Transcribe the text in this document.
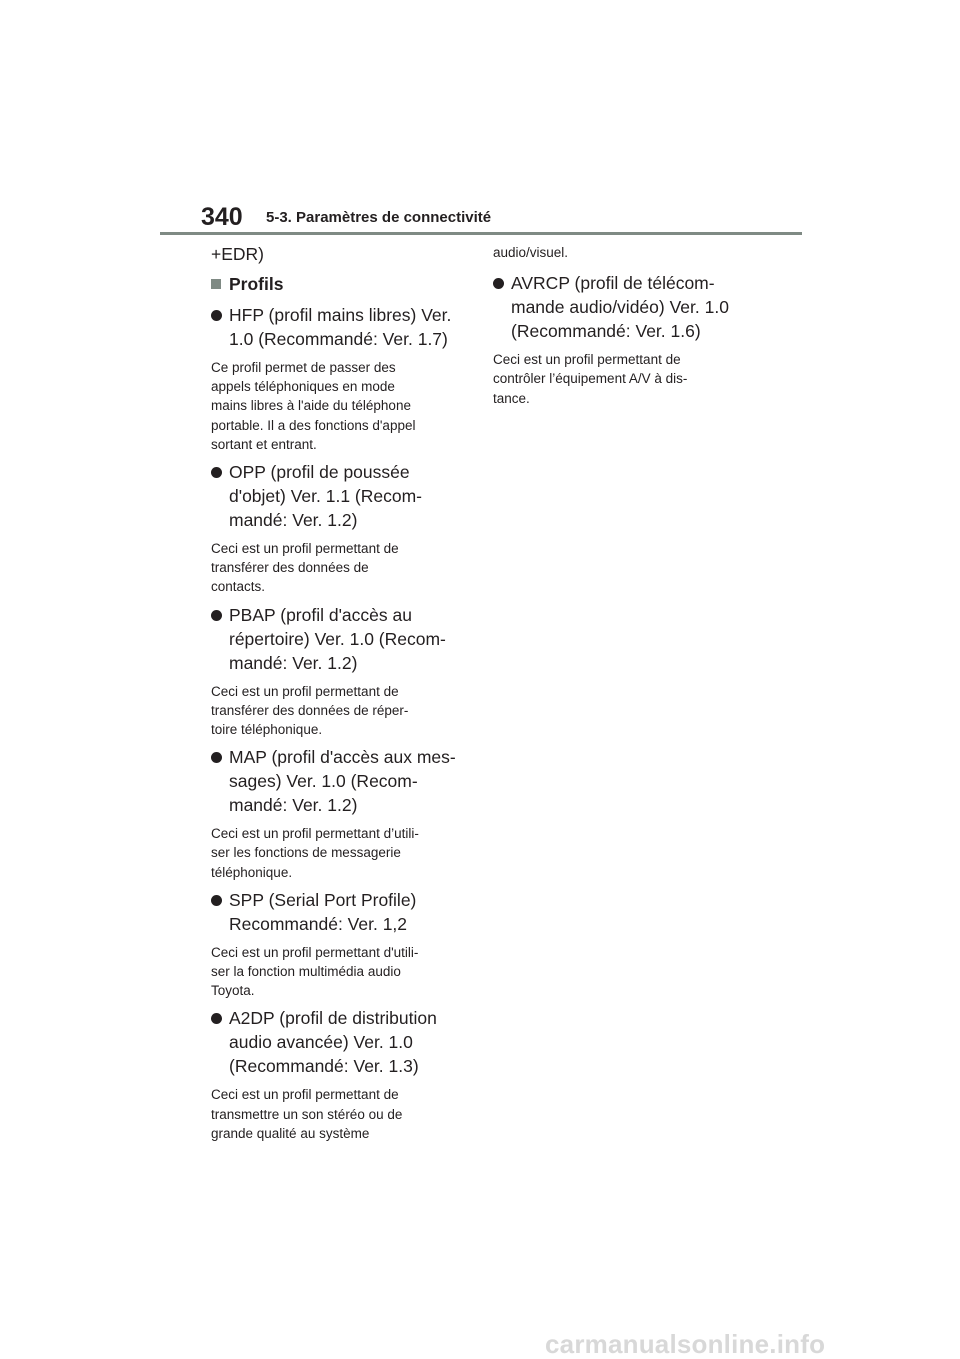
340 5-3. Paramètres de connectivité

+EDR)

Profils

HFP (profil mains libres) Ver.
1.0 (Recommandé: Ver. 1.7)

Ce profil permet de passer des
appels téléphoniques en mode
mains libres à l'aide du téléphone
portable. Il a des fonctions d'appel
sortant et entrant.

OPP (profil de poussée
d'objet) Ver. 1.1 (Recom-
mandé: Ver. 1.2)

Ceci est un profil permettant de
transférer des données de
contacts.

PBAP (profil d'accès au
répertoire) Ver. 1.0 (Recom-
mandé: Ver. 1.2)

Ceci est un profil permettant de
transférer des données de réper-
toire téléphonique.

MAP (profil d'accès aux mes-
sages) Ver. 1.0 (Recom-
mandé: Ver. 1.2)

Ceci est un profil permettant d’utili-
ser les fonctions de messagerie
téléphonique.

SPP (Serial Port Profile)
Recommandé: Ver. 1,2

Ceci est un profil permettant d'utili-
ser la fonction multimédia audio
Toyota.

A2DP (profil de distribution
audio avancée) Ver. 1.0
(Recommandé: Ver. 1.3)

Ceci est un profil permettant de
transmettre un son stéréo ou de
grande qualité au système

audio/visuel.

AVRCP (profil de télécom-
mande audio/vidéo) Ver. 1.0
(Recommandé: Ver. 1.6)

Ceci est un profil permettant de
contrôler l’équipement A/V à dis-
tance.

carmanualsonline.info
